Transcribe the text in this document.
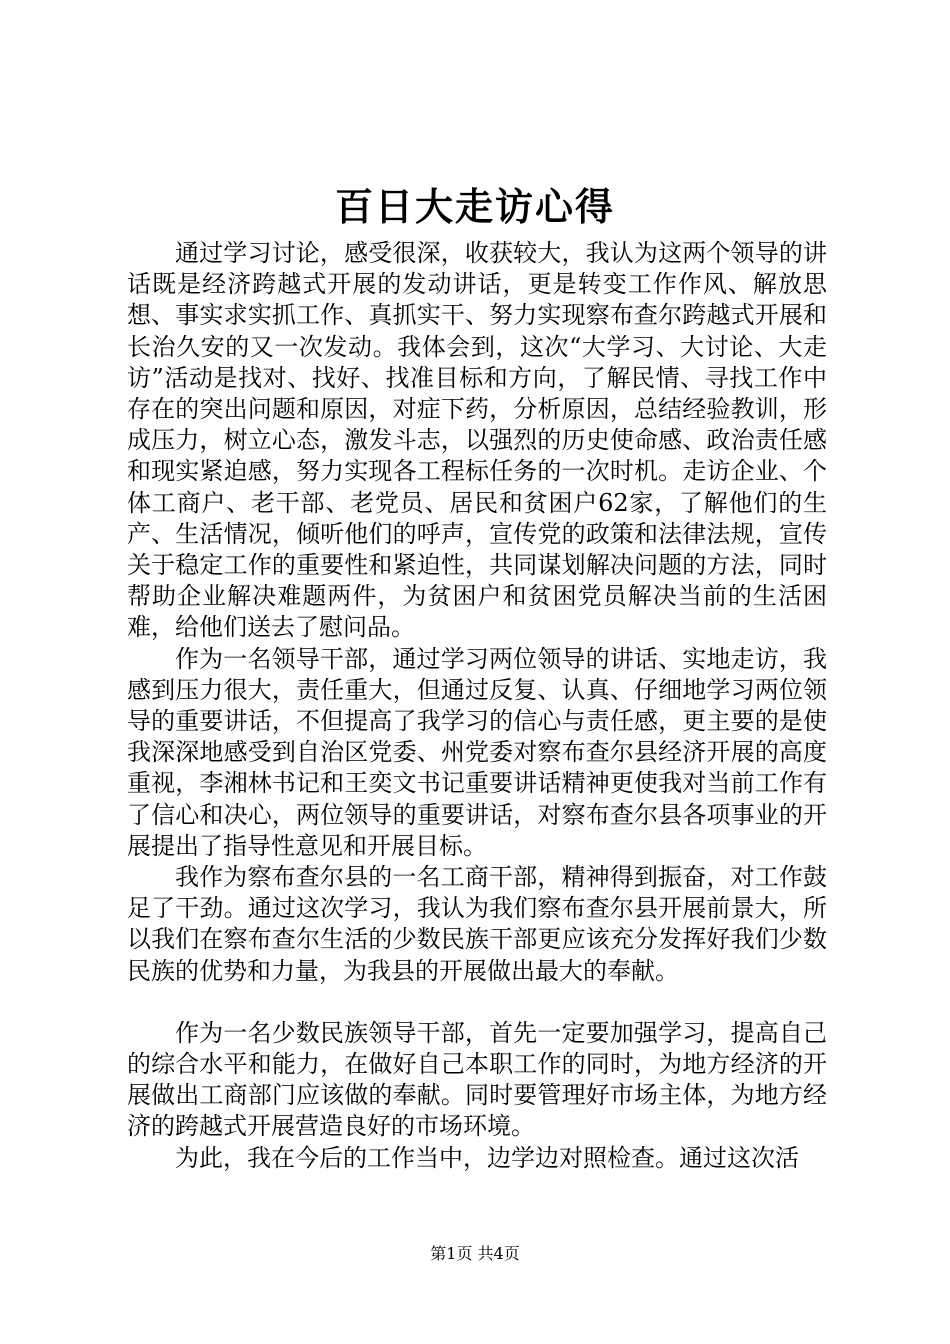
百日大走访心得

通过学习讨论，感受很深，收获较大，我认为这两个领导的讲话既是经济跨越式开展的发动讲话，更是转变工作作风、解放思想、事实求实抓工作、真抓实干、努力实现察布查尔跨越式开展和长治久安的又一次发动。我体会到，这次“大学习、大讨论、大走访”活动是找对、找好、找准目标和方向，了解民情、寻找工作中存在的突出问题和原因，对症下药，分析原因，总结经验教训，形成压力，树立心态，激发斗志，以强烈的历史使命感、政治责任感和现实紧迫感，努力实现各工程标任务的一次时机。走访企业、个体工商户、老干部、老党员、居民和贫困户62家，了解他们的生产、生活情况，倾听他们的呼声，宣传党的政策和法律法规，宣传关于稳定工作的重要性和紧迫性，共同谋划解决问题的方法，同时帮助企业解决难题两件，为贫困户和贫困党员解决当前的生活困难，给他们送去了慰问品。

作为一名领导干部，通过学习两位领导的讲话、实地走访，我感到压力很大，责任重大，但通过反复、认真、仔细地学习两位领导的重要讲话，不但提高了我学习的信心与责任感，更主要的是使我深深地感受到自治区党委、州党委对察布查尔县经济开展的高度重视，李湘林书记和王奕文书记重要讲话精神更使我对当前工作有了信心和决心，两位领导的重要讲话，对察布查尔县各项事业的开展提出了指导性意见和开展目标。

我作为察布查尔县的一名工商干部，精神得到振奋，对工作鼓足了干劲。通过这次学习，我认为我们察布查尔县开展前景大，所以我们在察布查尔生活的少数民族干部更应该充分发挥好我们少数民族的优势和力量，为我县的开展做出最大的奉献。

作为一名少数民族领导干部，首先一定要加强学习，提高自己的综合水平和能力，在做好自己本职工作的同时，为地方经济的开展做出工商部门应该做的奉献。同时要管理好市场主体，为地方经济的跨越式开展营造良好的市场环境。

为此，我在今后的工作当中，边学边对照检查。通过这次活

第1页 共4页
